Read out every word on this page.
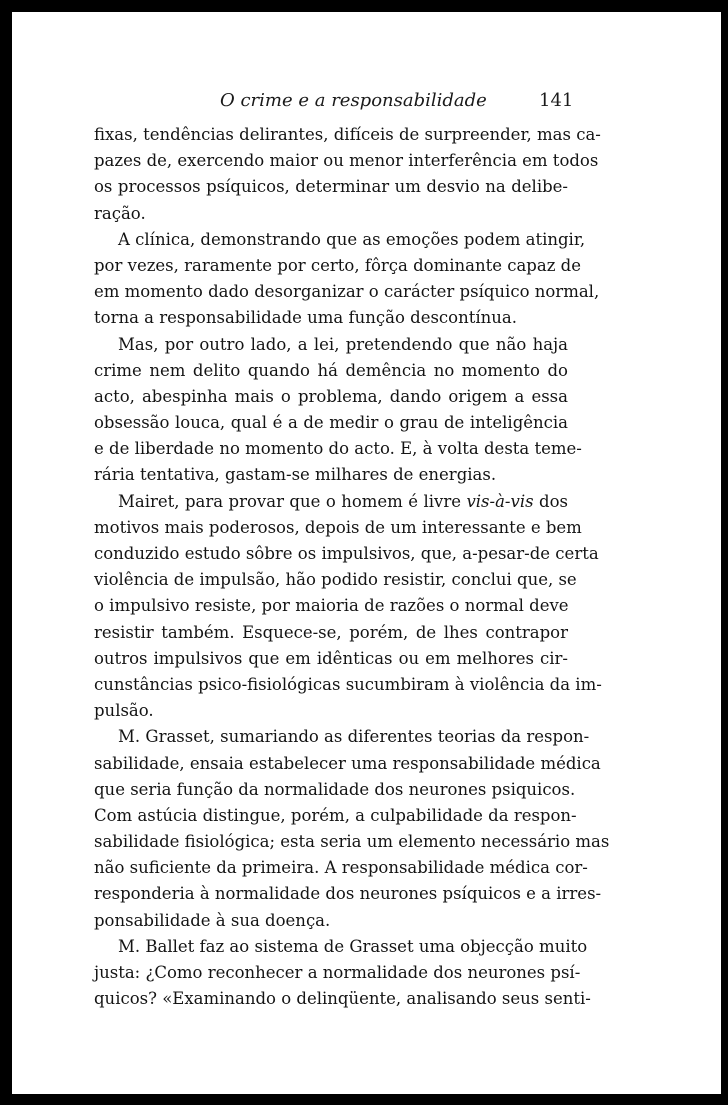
O crime e a responsabilidade	141
fixas, tendências delirantes, difíceis de surpreender, mas ca-
pazes de, exercendo maior ou menor interferência em todos
os processos psíquicos, determinar um desvio na delibe-
ração.
A clínica, demonstrando que as emoções podem atingir,
por vezes, raramente por certo, fôrça dominante capaz de
em momento dado desorganizar o carácter psíquico normal,
torna a responsabilidade uma função descontínua.
Mas, por outro lado, a lei, pretendendo que não haja
crime nem delito quando há demência no momento do
acto, abespinha mais o problema, dando origem a essa
obsessão louca, qual é a de medir o grau de inteligência
e de liberdade no momento do acto. E, à volta desta teme-
rária tentativa, gastam-se milhares de energias.
Mairet, para provar que o homem é livre vis-à-vis dos
motivos mais poderosos, depois de um interessante e bem
conduzido estudo sôbre os impulsivos, que, a-pesar-de certa
violência de impulsão, hão podido resistir, conclui que, se
o impulsivo resiste, por maioria de razões o normal deve
resistir também. Esquece-se, porém, de lhes contrapor
outros impulsivos que em idênticas ou em melhores cir-
cunstâncias psico-fisiológicas sucumbiram à violência da im-
pulsão.
M. Grasset, sumariando as diferentes teorias da respon-
sabilidade, ensaia estabelecer uma responsabilidade médica
que seria função da normalidade dos neurones psiquicos.
Com astúcia distingue, porém, a culpabilidade da respon-
sabilidade fisiológica; esta seria um elemento necessário mas
não suficiente da primeira. A responsabilidade médica cor-
responderia à normalidade dos neurones psíquicos e a irres-
ponsabilidade à sua doença.
M. Ballet faz ao sistema de Grasset uma objecção muito
justa: ¿Como reconhecer a normalidade dos neurones psí-
quicos? «Examinando o delinqüente, analisando seus senti-
